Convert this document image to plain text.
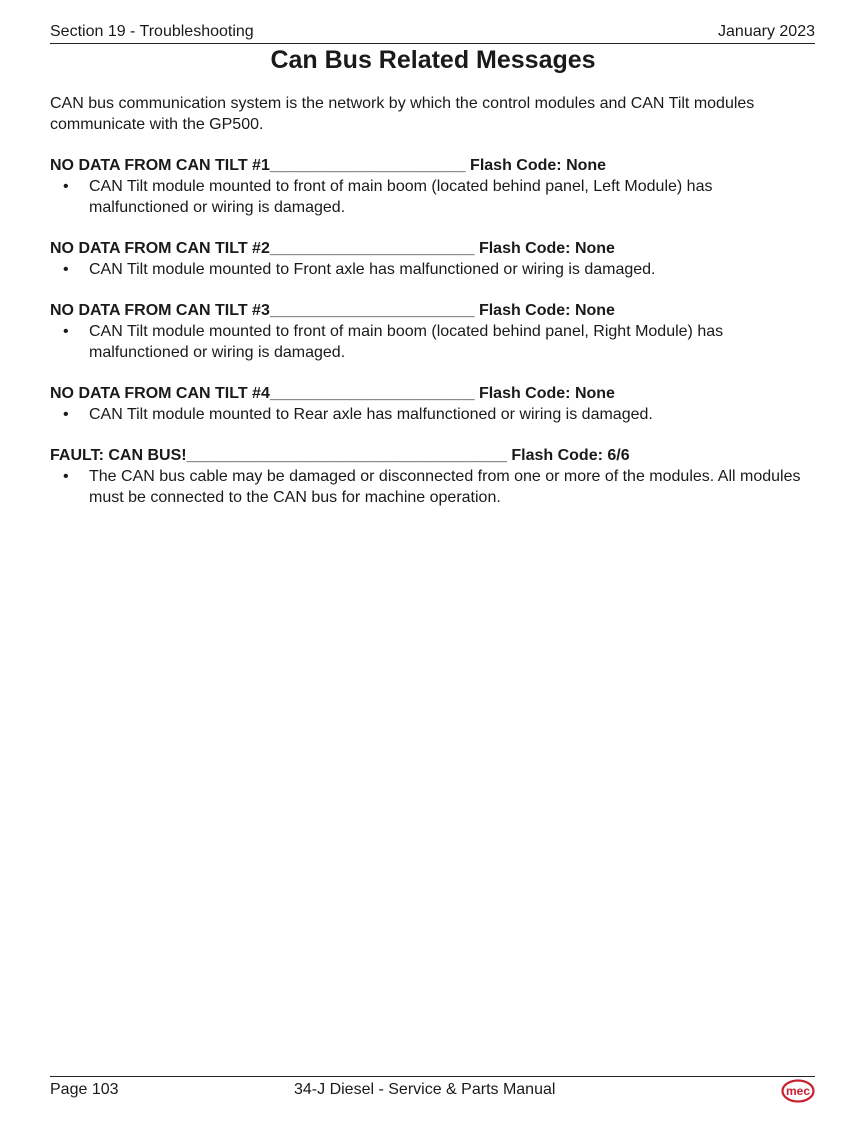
Section 19 - Troubleshooting	January 2023
Can Bus Related Messages

CAN bus communication system is the network by which the control modules and CAN Tilt modules communicate with the GP500.

NO DATA FROM CAN TILT #1______________________ Flash Code: None
• CAN Tilt module mounted to front of main boom (located behind panel, Left Module) has malfunctioned or wiring is damaged.
NO DATA FROM CAN TILT #2_______________________ Flash Code: None
• CAN Tilt module mounted to Front axle has malfunctioned or wiring is damaged.
NO DATA FROM CAN TILT #3_______________________ Flash Code: None
• CAN Tilt module mounted to front of main boom (located behind panel, Right Module) has malfunctioned or wiring is damaged.
NO DATA FROM CAN TILT #4_______________________ Flash Code: None
• CAN Tilt module mounted to Rear axle has malfunctioned or wiring is damaged.
FAULT: CAN BUS!____________________________________ Flash Code: 6/6
• The CAN bus cable may be damaged or disconnected from one or more of the modules. All modules must be connected to the CAN bus for machine operation.
Page 103	34-J Diesel - Service & Parts Manual	mec
